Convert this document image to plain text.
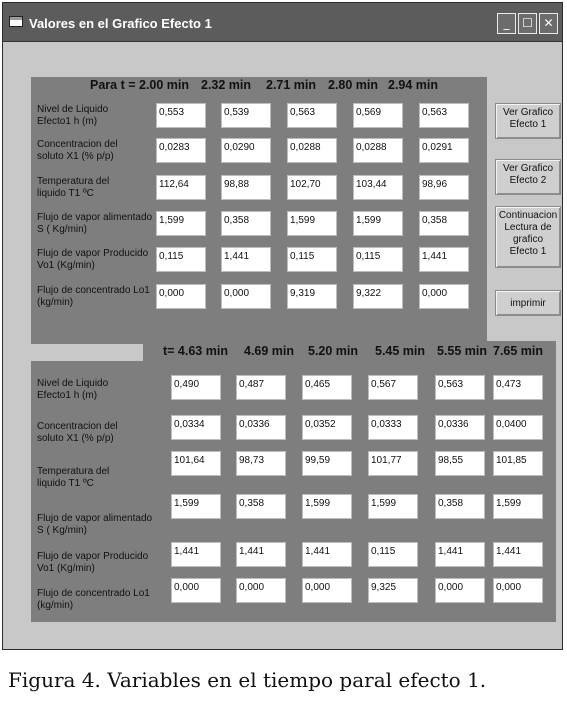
Valores en el Grafico Efecto 1	_	☐ ✕
Para t = 2.00 min 2.32 min 2.71 min 2.80 min 2.94 min
Nivel de Liquido
Efecto1 h (m)
0,553	0,539	0,563	0,569	0,563
Concentracion del
soluto X1 (% p/p)
0,0283	0,0290	0,0288	0,0288	0,0291
Temperatura del
liquido T1 ºC
112,64	98,88	102,70	103,44	98,96
Flujo de vapor alimentado
S ( Kg/min)
1,599	0,358	1,599	1,599	0,358
Flujo de vapor Producido
Vo1 (Kg/min)
0,115	1,441	0,115	0,115	1,441
Flujo de concentrado Lo1
(kg/min)
0,000	0,000	9,319	9,322	0,000
t= 4.63 min 4.69 min 5.20 min 5.45 min 5.55 min 7.65 min
Nivel de Liquido
Efecto1 h (m)
0,490	0,487	0,465	0,567	0,563	0,473
Concentracion del
soluto X1 (% p/p)
0,0334	0,0336	0,0352	0,0333	0,0336	0,0400
Temperatura del
liquido T1 ºC
101,64	98,73	99,59	101,77	98,55	101,85
Flujo de vapor alimentado
S ( Kg/min)
1,599	0,358	1,599	1,599	0,358	1,599
Flujo de vapor Producido
Vo1 (Kg/min)
1,441	1,441	1,441	0,115	1,441	1,441
Flujo de concentrado Lo1
(kg/min)
0,000	0,000	0,000	9,325	0,000	0,000
Ver Grafico
Efecto 1
Ver Grafico
Efecto 2
Continuacion
Lectura de
grafico
Efecto 1
imprimir
Figura 4. Variables en el tiempo paral efecto 1.
